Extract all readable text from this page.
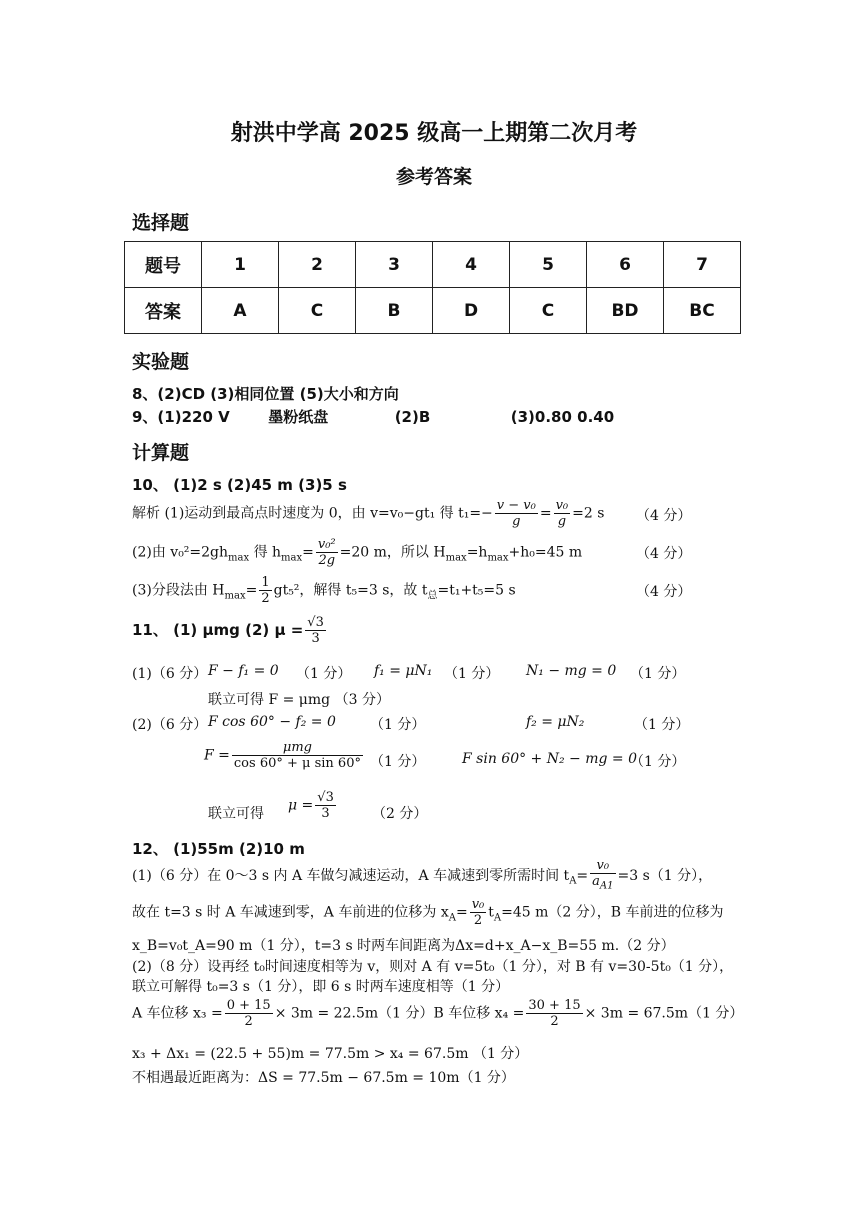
射洪中学高 2025 级高一上期第二次月考
参考答案
选择题
题号	1	2	3	4	5	6	7
答案	A	C	B	D	C	BD	BC
实验题
8、(2)CD (3)相同位置 (5)大小和方向
9、(1)220 V	墨粉纸盘	(2)B	(3)0.80 0.40
计算题
10、 (1)2 s (2)45 m (3)5 s
解析 (1)运动到最高点时速度为 0，由 v=v₀−gt₁ 得 $t_1=- \frac{\text{v − v₀}}{g} = \frac{\text{v₀}}{g} =2$ s （4 分）
(2)由 $v_0^2=2gh_{max}$ 得 $h_{max}= \frac{\text{v₀²}}{2g} =20$ m，所以 $H_{max}=h_{max}+h_0=45$ m	（4 分）
(3)分段法由 $H_{max}= \frac{1}{2} gt_5^2$，解得 t₅=3 s，故 $t_总=t_1+t_5=5$ s	（4 分）
11、 (1) μmg (2) $\mu = \frac{√3}{3}$
(1)（6 分） F − f₁ = 0 （1 分） f₁ = μN₁ （1 分） N₁ − mg = 0 （1 分）
联立可得 F = μmg （3 分）
(2)（6 分） F cos 60° − f₂ = 0 （1 分）	f₂ = μN₂	（1 分）
$F = \frac{\text{μmg}}{\text{cos 60° + μ sin 60°}} (1$ 分）	F sin 60° + N₂ − mg = 0
（1 分）
联立可得
$\mu = \frac{√3}{3}$	（2 分）
12、 (1)55m (2)10 m
(1)（6 分）在 0～3 s 内 A 车做匀减速运动，A 车减速到零所需时间 $t_A= \frac{\text{v₀}}{a_{A1}} =3$ s（1 分），
故在 t=3 s 时 A 车减速到零，A 车前进的位移为 $x_A= \frac{\text{v₀}}{2} t_A=45$ m（2 分），B 车前进的位移为
x_B=v₀t_A=90 m（1 分），t=3 s 时两车间距离为Δx=d+x_A−x_B=55 m.（2 分）
(2)（8 分）设再经 t₀时间速度相等为 v，则对 A 有 v=5t₀（1 分），对 B 有 v=30-5t₀（1 分），
联立可解得 t₀=3 s（1 分），即 6 s 时两车速度相等（1 分）
A 车位移 $x_3 = \frac{0 + 15}{2} \times 3m = 22.5m(1$ 分）B 车位移 $x_4 = \frac{30 + 15}{2} \times 3m = 67.5m(1$ 分）
x₃ + Δx₁ = (22.5 + 55)m = 77.5m > x₄ = 67.5m （1 分）
不相遇最近距离为：ΔS = 77.5m − 67.5m = 10m（1 分）
